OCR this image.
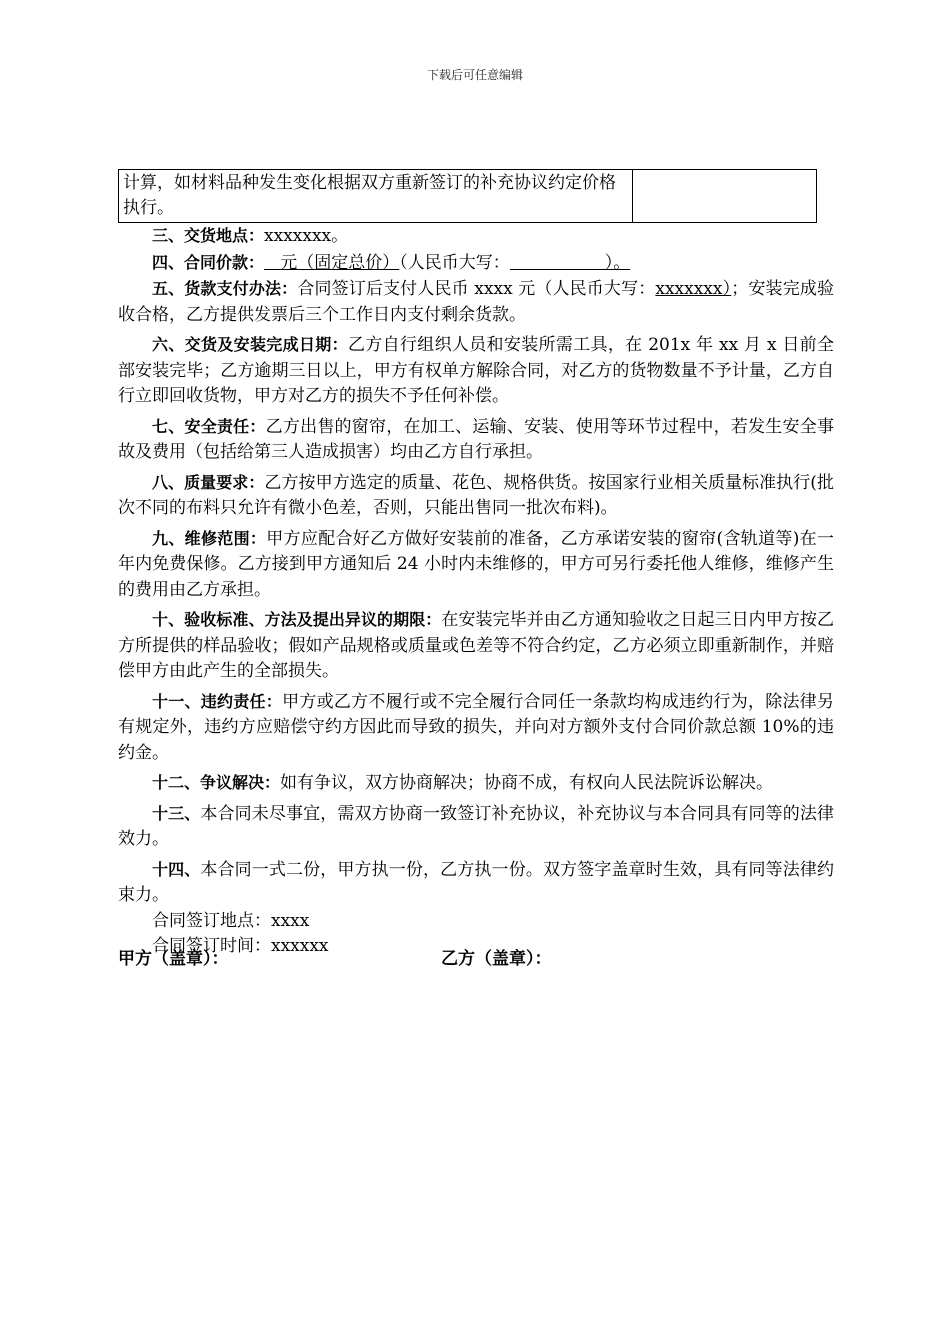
下载后可任意编辑
计算，如材料品种发生变化根据双方重新签订的补充协议约定价格执行。	

三、交货地点：xxxxxxx。

四、合同价款： 元（固定总价）（人民币大写：	）。

五、货款支付办法：合同签订后支付人民币 xxxx 元（人民币大写：xxxxxxx）；安装完成验收合格，乙方提供发票后三个工作日内支付剩余货款。

六、交货及安装完成日期：乙方自行组织人员和安装所需工具，在 201x 年 xx 月 x 日前全部安装完毕；乙方逾期三日以上，甲方有权单方解除合同，对乙方的货物数量不予计量，乙方自行立即回收货物，甲方对乙方的损失不予任何补偿。

七、安全责任：乙方出售的窗帘，在加工、运输、安装、使用等环节过程中，若发生安全事故及费用（包括给第三人造成损害）均由乙方自行承担。

八、质量要求：乙方按甲方选定的质量、花色、规格供货。按国家行业相关质量标准执行(批次不同的布料只允许有微小色差，否则，只能出售同一批次布料)。

九、维修范围：甲方应配合好乙方做好安装前的准备，乙方承诺安装的窗帘(含轨道等)在一年内免费保修。乙方接到甲方通知后 24 小时内未维修的，甲方可另行委托他人维修，维修产生的费用由乙方承担。

十、验收标准、方法及提出异议的期限：在安装完毕并由乙方通知验收之日起三日内甲方按乙方所提供的样品验收；假如产品规格或质量或色差等不符合约定，乙方必须立即重新制作，并赔偿甲方由此产生的全部损失。

十一、违约责任：甲方或乙方不履行或不完全履行合同任一条款均构成违约行为，除法律另有规定外，违约方应赔偿守约方因此而导致的损失，并向对方额外支付合同价款总额 10%的违约金。

十二、争议解决：如有争议，双方协商解决；协商不成，有权向人民法院诉讼解决。

十三、本合同未尽事宜，需双方协商一致签订补充协议，补充协议与本合同具有同等的法律效力。

十四、本合同一式二份，甲方执一份，乙方执一份。双方签字盖章时生效，具有同等法律约束力。

合同签订地点：xxxx

合同签订时间：xxxxxx

甲方（盖章）：	乙方（盖章）：
